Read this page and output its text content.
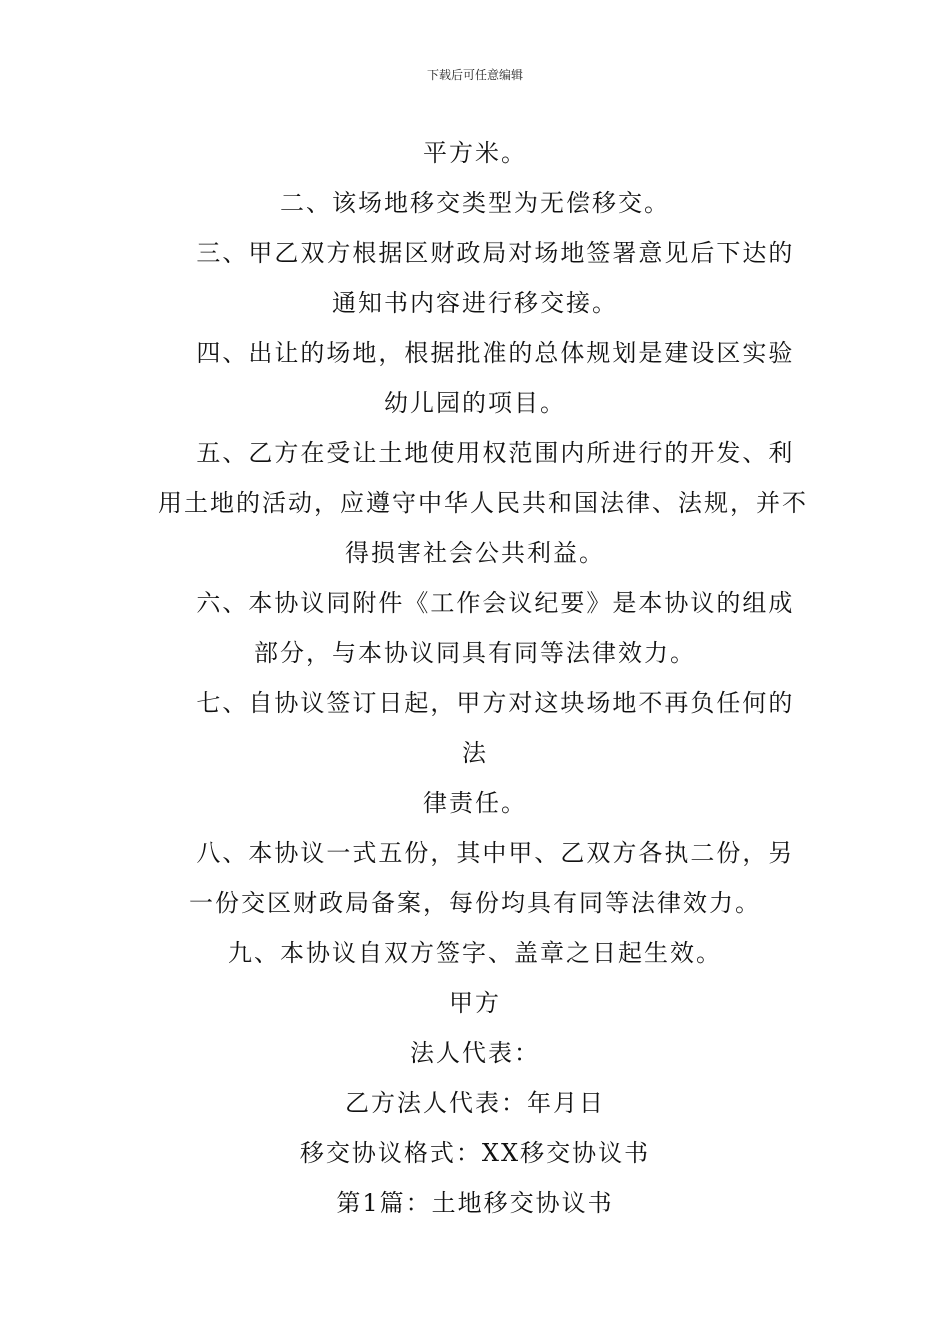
下载后可任意编辑

平方米。

二、该场地移交类型为无偿移交。

三、甲乙双方根据区财政局对场地签署意见后下达的

通知书内容进行移交接。

四、出让的场地，根据批准的总体规划是建设区实验

幼儿园的项目。

五、乙方在受让土地使用权范围内所进行的开发、利

用土地的活动，应遵守中华人民共和国法律、法规，并不

得损害社会公共利益。

六、本协议同附件《工作会议纪要》是本协议的组成

部分，与本协议同具有同等法律效力。

七、自协议签订日起，甲方对这块场地不再负任何的

法

律责任。

八、本协议一式五份，其中甲、乙双方各执二份，另

一份交区财政局备案，每份均具有同等法律效力。

九、本协议自双方签字、盖章之日起生效。

甲方

法人代表：

乙方法人代表：年月日

移交协议格式：XX移交协议书

第1篇：土地移交协议书
